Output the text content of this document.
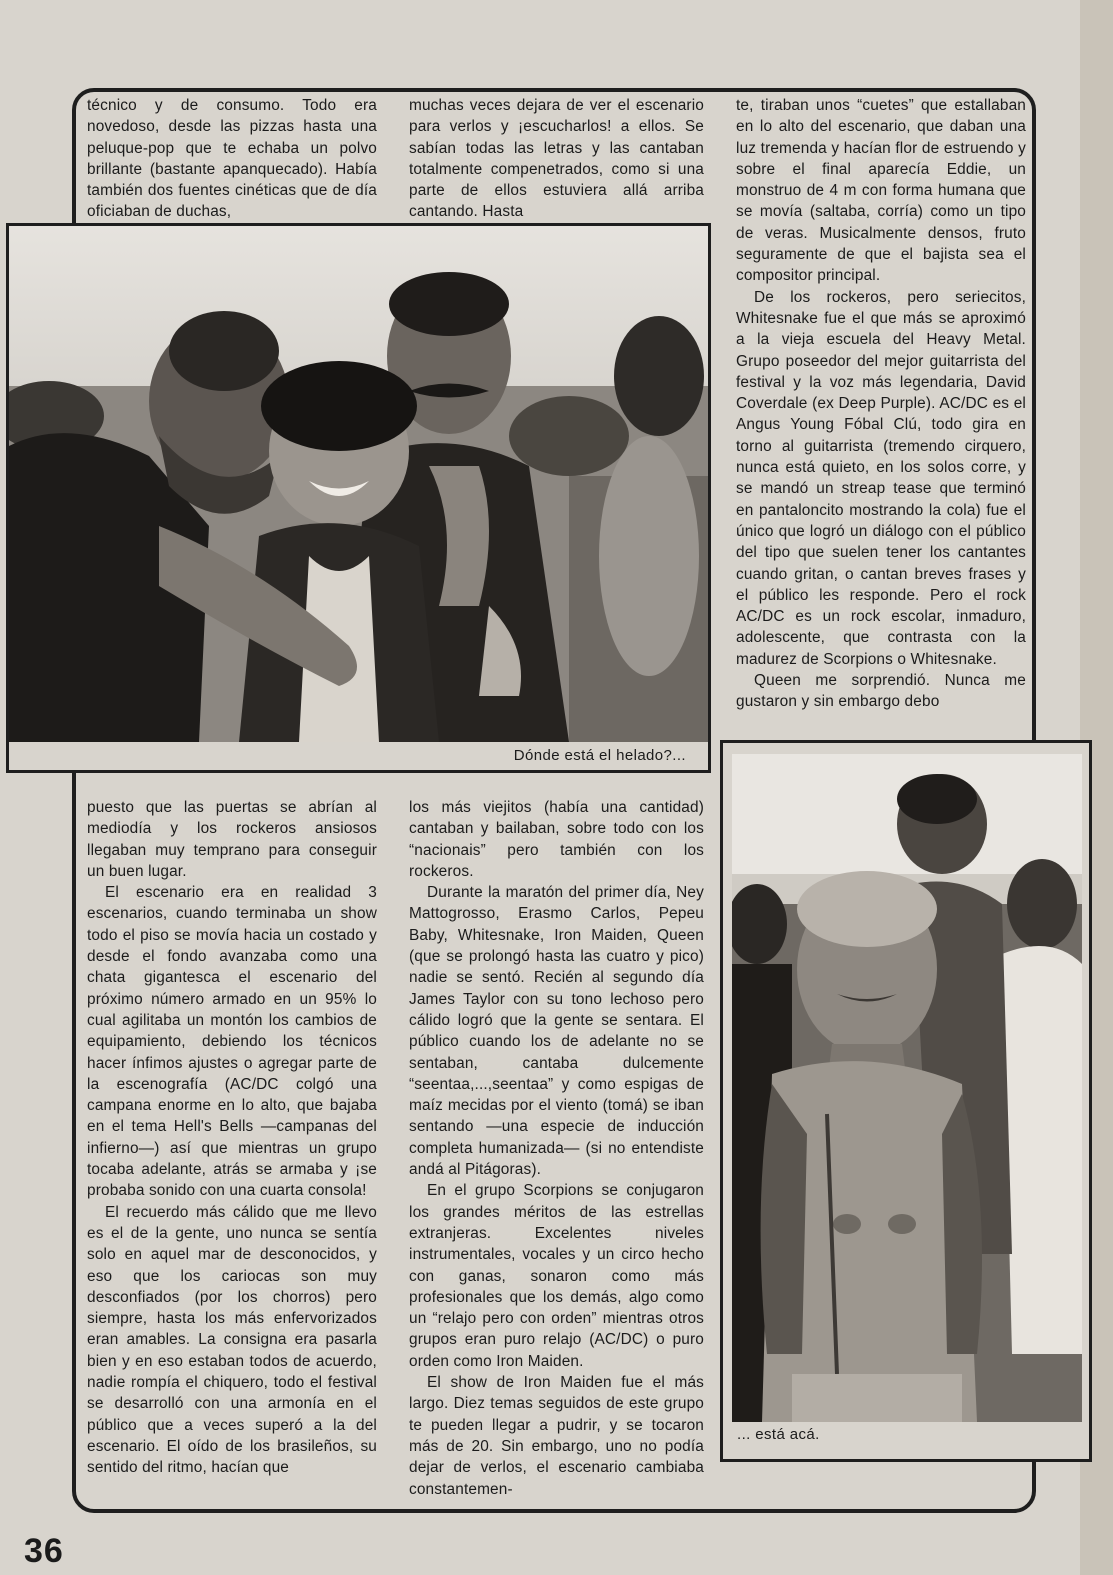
técnico y de consumo. Todo era novedoso, desde las pizzas hasta una peluque-pop que te echaba un polvo brillante (bastante apanquecado). Había también dos fuentes cinéticas que de día oficiaban de duchas,

muchas veces dejara de ver el escenario para verlos y ¡escucharlos! a ellos. Se sabían todas las letras y las cantaban totalmente compenetrados, como si una parte de ellos estuviera allá arriba cantando. Hasta

te, tiraban unos “cuetes” que estallaban en lo alto del escenario, que daban una luz tremenda y hacían flor de estruendo y sobre el final aparecía Eddie, un monstruo de 4 m con forma humana que se movía (saltaba, corría) como un tipo de veras. Musicalmente densos, fruto seguramente de que el bajista sea el compositor principal.

De los rockeros, pero seriecitos, Whitesnake fue el que más se aproximó a la vieja escuela del Heavy Metal. Grupo poseedor del mejor guitarrista del festival y la voz más legendaria, David Coverdale (ex Deep Purple). AC/DC es el Angus Young Fóbal Clú, todo gira en torno al guitarrista (tremendo cirquero, nunca está quieto, en los solos corre, y se mandó un streap tease que terminó en pantaloncito mostrando la cola) fue el único que logró un diálogo con el público del tipo que suelen tener los cantantes cuando gritan, o cantan breves frases y el público les responde. Pero el rock AC/DC es un rock escolar, inmaduro, adolescente, que contrasta con la madurez de Scorpions o Whitesnake.

Queen me sorprendió. Nunca me gustaron y sin embargo debo

Dónde está el helado?...

puesto que las puertas se abrían al mediodía y los rockeros ansiosos llegaban muy temprano para conseguir un buen lugar.

El escenario era en realidad 3 escenarios, cuando terminaba un show todo el piso se movía hacia un costado y desde el fondo avanzaba como una chata gigantesca el escenario del próximo número armado en un 95% lo cual agilitaba un montón los cambios de equipamiento, debiendo los técnicos hacer ínfimos ajustes o agregar parte de la escenografía (AC/DC colgó una campana enorme en lo alto, que bajaba en el tema Hell's Bells —campanas del infierno—) así que mientras un grupo tocaba adelante, atrás se armaba y ¡se probaba sonido con una cuarta consola!

El recuerdo más cálido que me llevo es el de la gente, uno nunca se sentía solo en aquel mar de desconocidos, y eso que los cariocas son muy desconfiados (por los chorros) pero siempre, hasta los más enfervorizados eran amables. La consigna era pasarla bien y en eso estaban todos de acuerdo, nadie rompía el chiquero, todo el festival se desarrolló con una armonía en el público que a veces superó a la del escenario. El oído de los brasileños, su sentido del ritmo, hacían que

los más viejitos (había una cantidad) cantaban y bailaban, sobre todo con los “nacionais” pero también con los rockeros.

Durante la maratón del primer día, Ney Mattogrosso, Erasmo Carlos, Pepeu Baby, Whitesnake, Iron Maiden, Queen (que se prolongó hasta las cuatro y pico) nadie se sentó. Recién al segundo día James Taylor con su tono lechoso pero cálido logró que la gente se sentara. El público cuando los de adelante no se sentaban, cantaba dulcemente “seentaa,...,seentaa” y como espigas de maíz mecidas por el viento (tomá) se iban sentando —una especie de inducción completa humanizada— (si no entendiste andá al Pitágoras).

En el grupo Scorpions se conjugaron los grandes méritos de las estrellas extranjeras. Excelentes niveles instrumentales, vocales y un circo hecho con ganas, sonaron como más profesionales que los demás, algo como un “relajo pero con orden” mientras otros grupos eran puro relajo (AC/DC) o puro orden como Iron Maiden.

El show de Iron Maiden fue el más largo. Diez temas seguidos de este grupo te pueden llegar a pudrir, y se tocaron más de 20. Sin embargo, uno no podía dejar de verlos, el escenario cambiaba constantemen-

... está acá.
36
